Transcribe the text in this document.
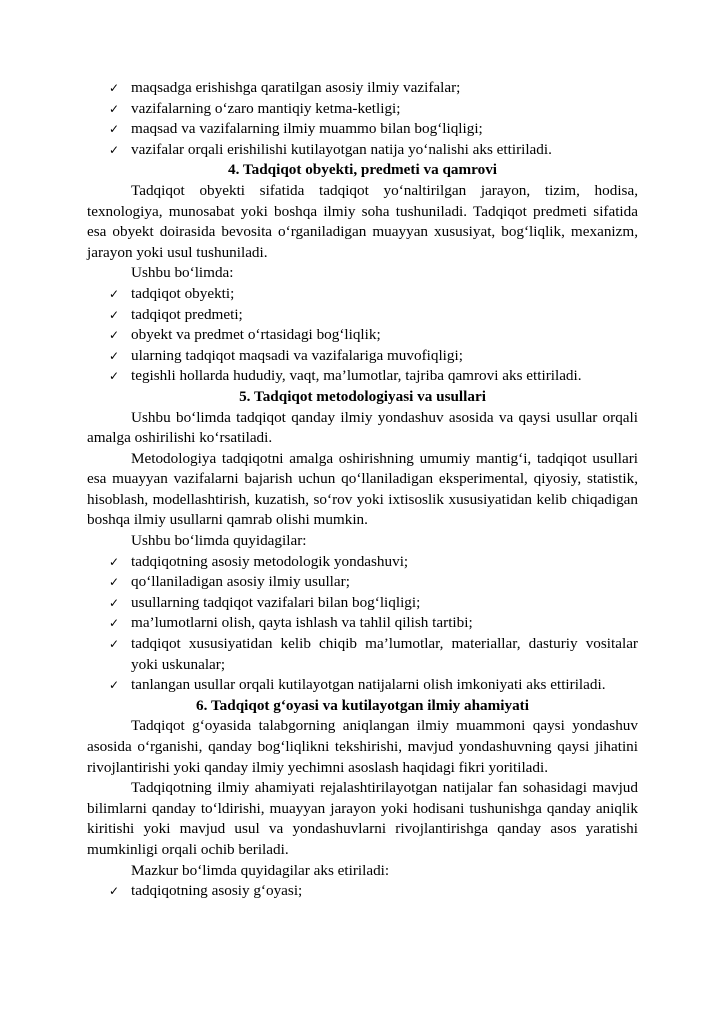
✓ maqsadga erishishga qaratilgan asosiy ilmiy vazifalar;
✓ vazifalarning o‘zaro mantiqiy ketma-ketligi;
✓ maqsad va vazifalarning ilmiy muammo bilan bog‘liqligi;
✓ vazifalar orqali erishilishi kutilayotgan natija yo‘nalishi aks ettiriladi.
4. Tadqiqot obyekti, predmeti va qamrovi

Tadqiqot obyekti sifatida tadqiqot yo‘naltirilgan jarayon, tizim, hodisa, texnologiya, munosabat yoki boshqa ilmiy soha tushuniladi. Tadqiqot predmeti sifatida esa obyekt doirasida bevosita o‘rganiladigan muayyan xususiyat, bog‘liqlik, mexanizm, jarayon yoki usul tushuniladi.

Ushbu bo‘limda:

✓ tadqiqot obyekti;
✓ tadqiqot predmeti;
✓ obyekt va predmet o‘rtasidagi bog‘liqlik;
✓ ularning tadqiqot maqsadi va vazifalariga muvofiqligi;
✓ tegishli hollarda hududiy, vaqt, ma’lumotlar, tajriba qamrovi aks ettiriladi.
5. Tadqiqot metodologiyasi va usullari

Ushbu bo‘limda tadqiqot qanday ilmiy yondashuv asosida va qaysi usullar orqali amalga oshirilishi ko‘rsatiladi.

Metodologiya tadqiqotni amalga oshirishning umumiy mantig‘i, tadqiqot usullari esa muayyan vazifalarni bajarish uchun qo‘llaniladigan eksperimental, qiyosiy, statistik, hisoblash, modellashtirish, kuzatish, so‘rov yoki ixtisoslik xususiyatidan kelib chiqadigan boshqa ilmiy usullarni qamrab olishi mumkin.

Ushbu bo‘limda quyidagilar:

✓ tadqiqotning asosiy metodologik yondashuvi;
✓ qo‘llaniladigan asosiy ilmiy usullar;
✓ usullarning tadqiqot vazifalari bilan bog‘liqligi;
✓ ma’lumotlarni olish, qayta ishlash va tahlil qilish tartibi;
✓ tadqiqot xususiyatidan kelib chiqib ma’lumotlar, materiallar, dasturiy vositalar yoki uskunalar;
✓ tanlangan usullar orqali kutilayotgan natijalarni olish imkoniyati aks ettiriladi.
6. Tadqiqot g‘oyasi va kutilayotgan ilmiy ahamiyati

Tadqiqot g‘oyasida talabgorning aniqlangan ilmiy muammoni qaysi yondashuv asosida o‘rganishi, qanday bog‘liqlikni tekshirishi, mavjud yondashuvning qaysi jihatini rivojlantirishi yoki qanday ilmiy yechimni asoslash haqidagi fikri yoritiladi.

Tadqiqotning ilmiy ahamiyati rejalashtirilayotgan natijalar fan sohasidagi mavjud bilimlarni qanday to‘ldirishi, muayyan jarayon yoki hodisani tushunishga qanday aniqlik kiritishi yoki mavjud usul va yondashuvlarni rivojlantirishga qanday asos yaratishi mumkinligi orqali ochib beriladi.

Mazkur bo‘limda quyidagilar aks etiriladi:

✓ tadqiqotning asosiy g‘oyasi;
